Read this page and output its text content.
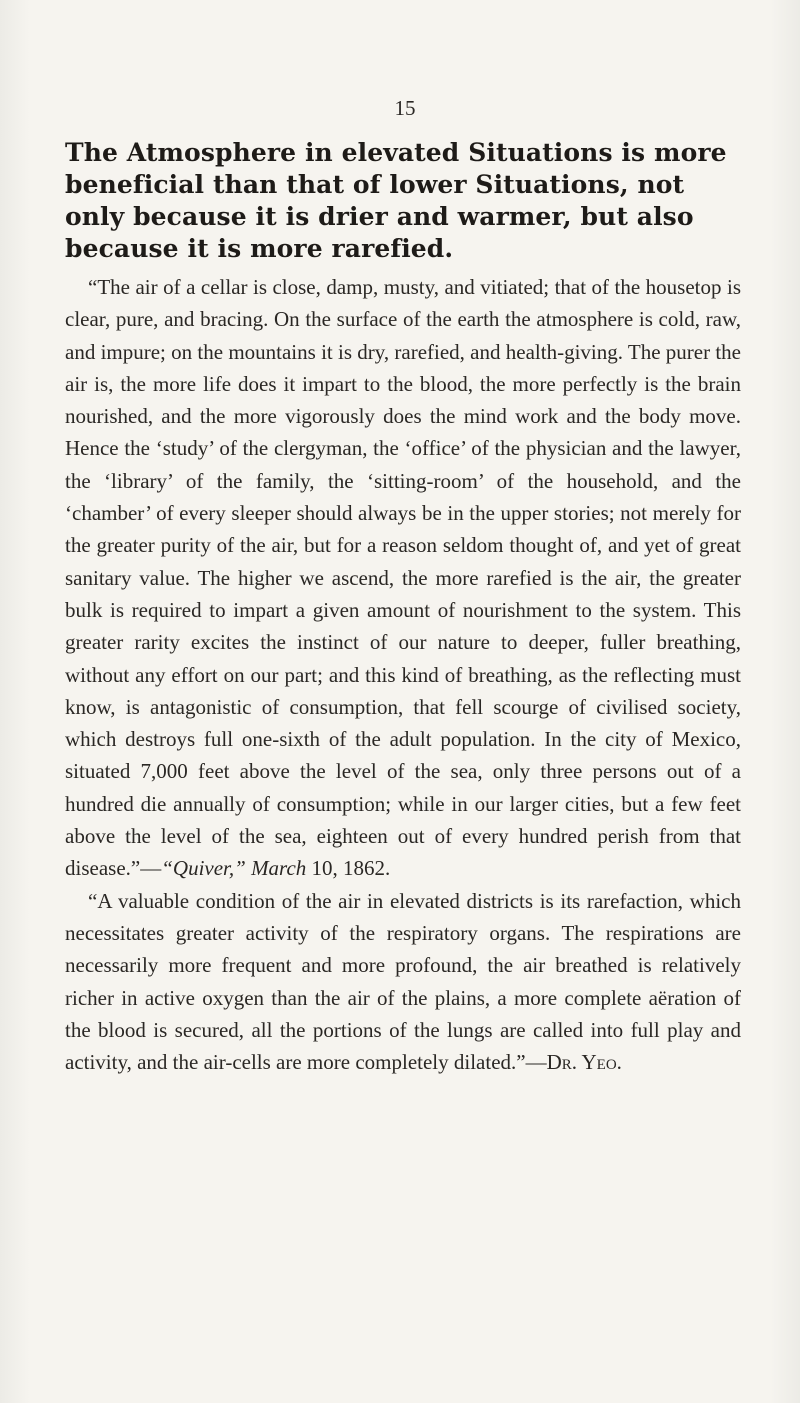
15
The Atmosphere in elevated Situations is more beneficial than that of lower Situations, not only because it is drier and warmer, but also because it is more rarefied.

“The air of a cellar is close, damp, musty, and vitiated; that of the housetop is clear, pure, and bracing. On the surface of the earth the atmosphere is cold, raw, and impure; on the mountains it is dry, rarefied, and health-giving. The purer the air is, the more life does it impart to the blood, the more perfectly is the brain nourished, and the more vigorously does the mind work and the body move. Hence the ‘study’ of the clergyman, the ‘office’ of the physician and the lawyer, the ‘library’ of the family, the ‘sitting-room’ of the household, and the ‘chamber’ of every sleeper should always be in the upper stories; not merely for the greater purity of the air, but for a reason seldom thought of, and yet of great sanitary value. The higher we ascend, the more rarefied is the air, the greater bulk is required to impart a given amount of nourishment to the system. This greater rarity excites the instinct of our nature to deeper, fuller breathing, without any effort on our part; and this kind of breathing, as the reflecting must know, is antagonistic of consumption, that fell scourge of civilised society, which destroys full one-sixth of the adult population. In the city of Mexico, situated 7,000 feet above the level of the sea, only three persons out of a hundred die annually of consumption; while in our larger cities, but a few feet above the level of the sea, eighteen out of every hundred perish from that disease.”—“Quiver,” March 10, 1862.

“A valuable condition of the air in elevated districts is its rarefaction, which necessitates greater activity of the respiratory organs. The respirations are necessarily more frequent and more profound, the air breathed is relatively richer in active oxygen than the air of the plains, a more complete aëration of the blood is secured, all the portions of the lungs are called into full play and activity, and the air-cells are more completely dilated.”—Dr. Yeo.
